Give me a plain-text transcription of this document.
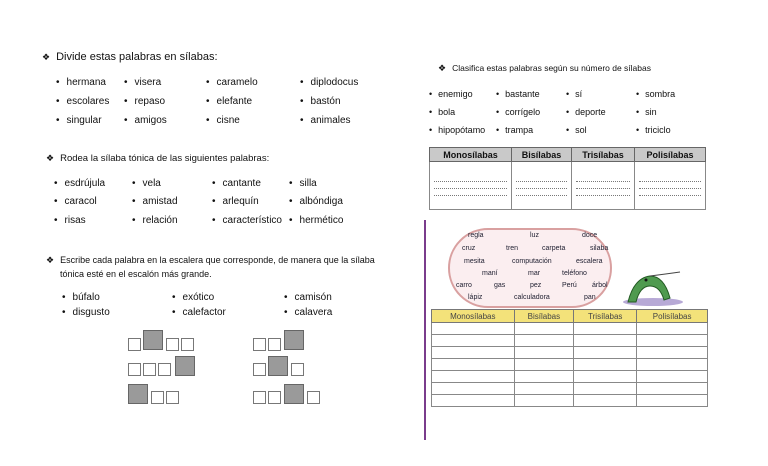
❖ Divide estas palabras en sílabas:
• hermana	• visera	• caramelo	• diplodocus
• escolares	• repaso	• elefante	• bastón
• singular	• amigos	• cisne	• animales
❖ Rodea la sílaba tónica de las siguientes palabras:
• esdrújula	• vela	• cantante	• silla
• caracol	• amistad	• arlequín	• albóndiga
• risas	• relación	• característico	• hermético
❖ Escribe cada palabra en la escalera que corresponde, de manera que la sílaba
tónica esté en el escalón más grande.
• búfalo	• exótico	• camisón
• disgusto	• calefactor	• calavera
❖ Clasifica estas palabras según su número de sílabas
• enemigo	• bastante	• sí	• sombra
• bola	• corrígelo	• deporte	• sin
• hipopótamo	• trampa	• sol	• triciclo
Monosílabas	Bisílabas	Trisílabas	Polisílabas

regla	luz	doce
cruz	tren	carpeta	silaba
mesita	computación	escalera
maní	mar	teléfono
carro	gas	pez	Perú árbol
lápiz	calculadora	pan
Monosílabas	Bisílabas	Trisílabas	Polisílabas
